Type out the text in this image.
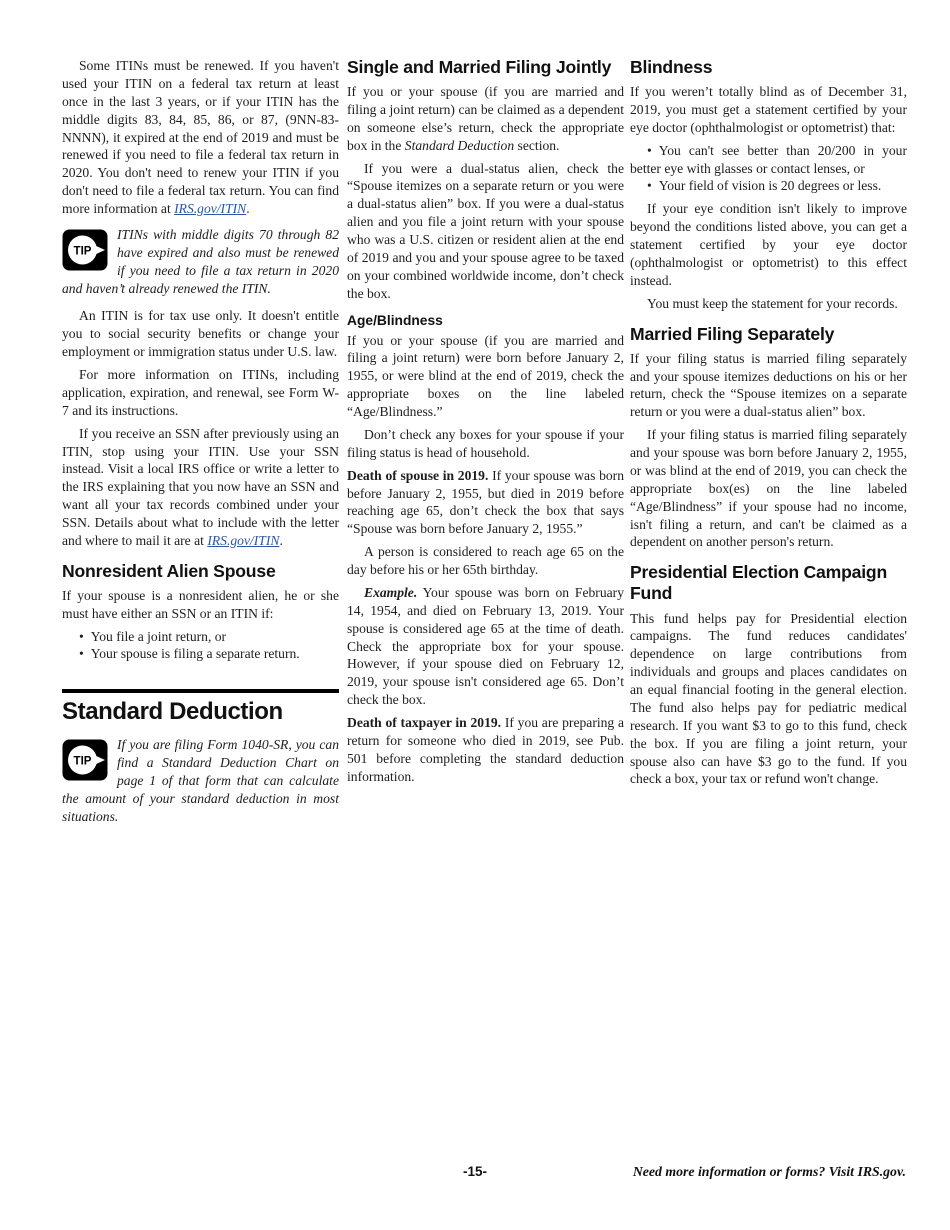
Some ITINs must be renewed. If you haven't used your ITIN on a federal tax return at least once in the last 3 years, or if your ITIN has the middle digits 83, 84, 85, 86, or 87, (9NN-83-NNNN), it expired at the end of 2019 and must be renewed if you need to file a federal tax return in 2020. You don't need to renew your ITIN if you don't need to file a federal tax return. You can find more information at IRS.gov/ITIN.

TIP

ITINs with middle digits 70 through 82 have expired and also must be renewed if you need to file a tax return in 2020 and haven’t already renewed the ITIN.

An ITIN is for tax use only. It doesn't entitle you to social security benefits or change your employment or immigration status under U.S. law.

For more information on ITINs, including application, expiration, and renewal, see Form W-7 and its instructions.

If you receive an SSN after previously using an ITIN, stop using your ITIN. Use your SSN instead. Visit a local IRS office or write a letter to the IRS explaining that you now have an SSN and want all your tax records combined under your SSN. Details about what to include with the letter and where to mail it are at IRS.gov/ITIN.

Nonresident Alien Spouse

If your spouse is a nonresident alien, he or she must have either an SSN or an ITIN if:

• You file a joint return, or

• Your spouse is filing a separate return.

Standard Deduction
TIP

If you are filing Form 1040-SR, you can find a Standard Deduction Chart on page 1 of that form that can calculate the amount of your standard deduction in most situations.

Single and Married Filing Jointly

If you or your spouse (if you are married and filing a joint return) can be claimed as a dependent on someone else’s return, check the appropriate box in the Standard Deduction section.

If you were a dual-status alien, check the “Spouse itemizes on a separate return or you were a dual-status alien” box. If you were a dual-status alien and you file a joint return with your spouse who was a U.S. citizen or resident alien at the end of 2019 and you and your spouse agree to be taxed on your combined worldwide income, don’t check the box.

Age/Blindness

If you or your spouse (if you are married and filing a joint return) were born before January 2, 1955, or were blind at the end of 2019, check the appropriate boxes on the line labeled “Age/Blindness.”

Don’t check any boxes for your spouse if your filing status is head of household.

Death of spouse in 2019. If your spouse was born before January 2, 1955, but died in 2019 before reaching age 65, don’t check the box that says “Spouse was born before January 2, 1955.”

A person is considered to reach age 65 on the day before his or her 65th birthday.

Example. Your spouse was born on February 14, 1954, and died on February 13, 2019. Your spouse is considered age 65 at the time of death. Check the appropriate box for your spouse. However, if your spouse died on February 12, 2019, your spouse isn't considered age 65. Don’t check the box.

Death of taxpayer in 2019. If you are preparing a return for someone who died in 2019, see Pub. 501 before completing the standard deduction information.

Blindness

If you weren’t totally blind as of December 31, 2019, you must get a statement certified by your eye doctor (ophthalmologist or optometrist) that:

• You can't see better than 20/200 in your better eye with glasses or contact lenses, or

• Your field of vision is 20 degrees or less.

If your eye condition isn't likely to improve beyond the conditions listed above, you can get a statement certified by your eye doctor (ophthalmologist or optometrist) to this effect instead.

You must keep the statement for your records.

Married Filing Separately

If your filing status is married filing separately and your spouse itemizes deductions on his or her return, check the “Spouse itemizes on a separate return or you were a dual-status alien” box.

If your filing status is married filing separately and your spouse was born before January 2, 1955, or was blind at the end of 2019, you can check the appropriate box(es) on the line labeled “Age/Blindness” if your spouse had no income, isn't filing a return, and can't be claimed as a dependent on another person's return.

Presidential Election Campaign Fund

This fund helps pay for Presidential election campaigns. The fund reduces candidates' dependence on large contributions from individuals and groups and places candidates on an equal financial footing in the general election. The fund also helps pay for pediatric medical research. If you want $3 to go to this fund, check the box. If you are filing a joint return, your spouse also can have $3 go to the fund. If you check a box, your tax or refund won't change.

-15-	Need more information or forms? Visit IRS.gov.
